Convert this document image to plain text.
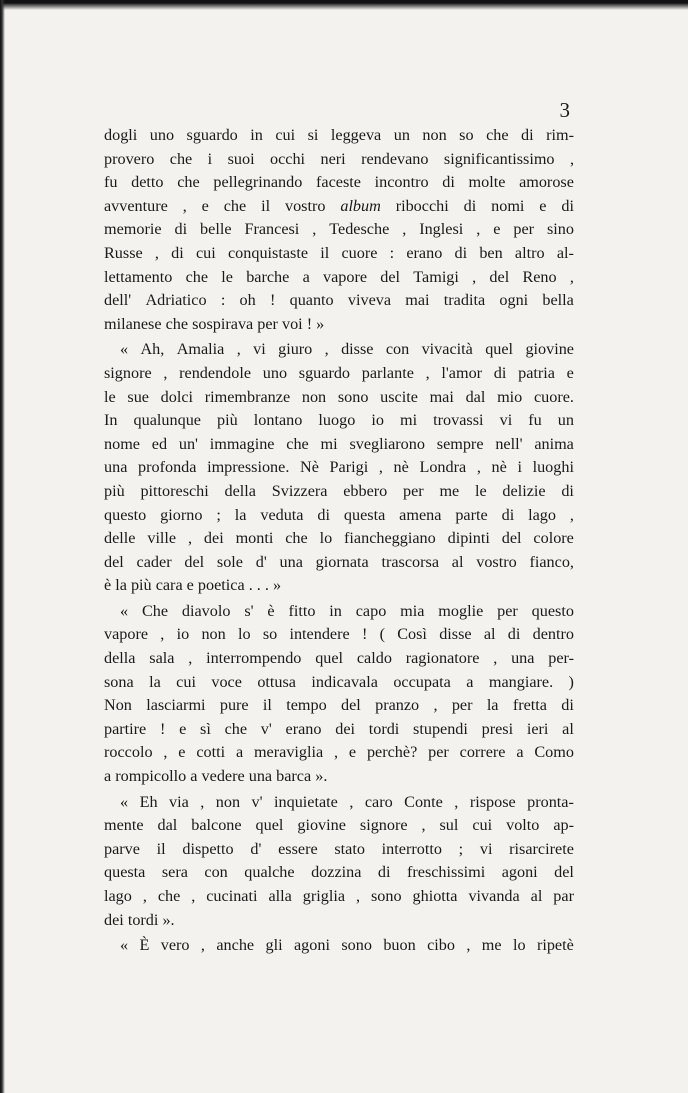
3
dogli uno sguardo in cui si leggeva un non so che di rim-
provero che i suoi occhi neri rendevano significantissimo ,
fu detto che pellegrinando faceste incontro di molte amorose
avventure , e che il vostro album ribocchi di nomi e di
memorie di belle Francesi , Tedesche , Inglesi , e per sino
Russe , di cui conquistaste il cuore : erano di ben altro al-
lettamento che le barche a vapore del Tamigi , del Reno ,
dell' Adriatico : oh ! quanto viveva mai tradita ogni bella
milanese che sospirava per voi ! »
« Ah, Amalia , vi giuro , disse con vivacità quel giovine
signore , rendendole uno sguardo parlante , l'amor di patria e
le sue dolci rimembranze non sono uscite mai dal mio cuore.
In qualunque più lontano luogo io mi trovassi vi fu un
nome ed un' immagine che mi svegliarono sempre nell' anima
una profonda impressione. Nè Parigi , nè Londra , nè i luoghi
più pittoreschi della Svizzera ebbero per me le delizie di
questo giorno ; la veduta di questa amena parte di lago ,
delle ville , dei monti che lo fiancheggiano dipinti del colore
del cader del sole d' una giornata trascorsa al vostro fianco,
è la più cara e poetica . . . »
« Che diavolo s' è fitto in capo mia moglie per questo
vapore , io non lo so intendere ! ( Così disse al di dentro
della sala , interrompendo quel caldo ragionatore , una per-
sona la cui voce ottusa indicavala occupata a mangiare. )
Non lasciarmi pure il tempo del pranzo , per la fretta di
partire ! e sì che v' erano dei tordi stupendi presi ieri al
roccolo , e cotti a meraviglia , e perchè? per correre a Como
a rompicollo a vedere una barca ».
« Eh via , non v' inquietate , caro Conte , rispose pronta-
mente dal balcone quel giovine signore , sul cui volto ap-
parve il dispetto d' essere stato interrotto ; vi risarcirete
questa sera con qualche dozzina di freschissimi agoni del
lago , che , cucinati alla griglia , sono ghiotta vivanda al par
dei tordi ».
« È vero , anche gli agoni sono buon cibo , me lo ripetè
